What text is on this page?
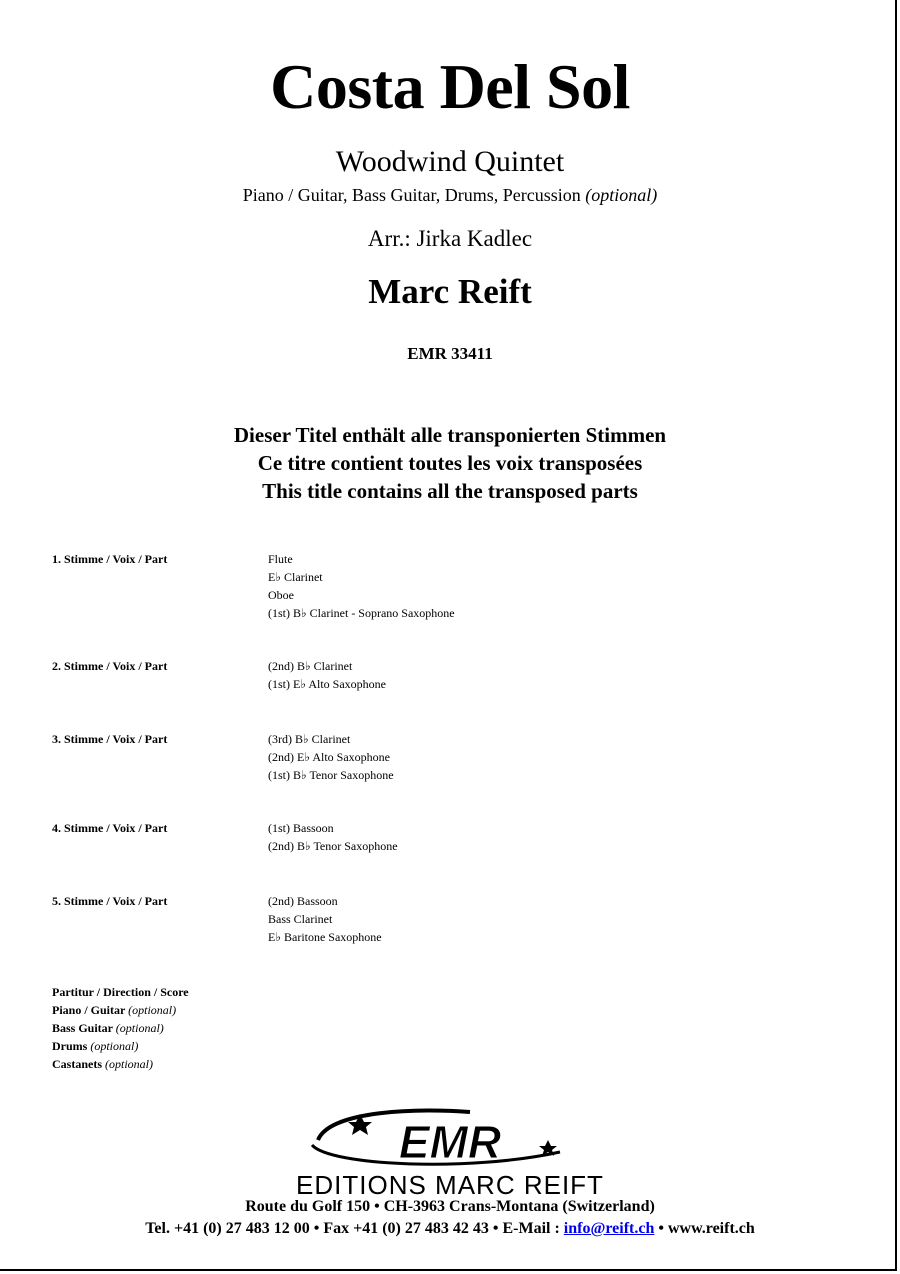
Costa Del Sol
Woodwind Quintet
Piano / Guitar, Bass Guitar, Drums, Percussion (optional)
Arr.: Jirka Kadlec
Marc Reift
EMR 33411
Dieser Titel enthält alle transponierten Stimmen
Ce titre contient toutes les voix transposées
This title contains all the transposed parts
1. Stimme / Voix / Part	Flute
E♭ Clarinet
Oboe
(1st) B♭ Clarinet - Soprano Saxophone
2. Stimme / Voix / Part	(2nd) B♭ Clarinet
(1st) E♭ Alto Saxophone
3. Stimme / Voix / Part	(3rd) B♭ Clarinet
(2nd) E♭ Alto Saxophone
(1st) B♭ Tenor Saxophone
4. Stimme / Voix / Part	(1st) Bassoon
(2nd) B♭ Tenor Saxophone
5. Stimme / Voix / Part	(2nd) Bassoon
Bass Clarinet
E♭ Baritone Saxophone
Partitur / Direction / Score
Piano / Guitar (optional)
Bass Guitar (optional)
Drums (optional)
Castanets (optional)
EMR
EDITIONS MARC REIFT
Route du Golf 150 • CH-3963 Crans-Montana (Switzerland)
Tel. +41 (0) 27 483 12 00 • Fax +41 (0) 27 483 42 43 • E-Mail : info@reift.ch • www.reift.ch
